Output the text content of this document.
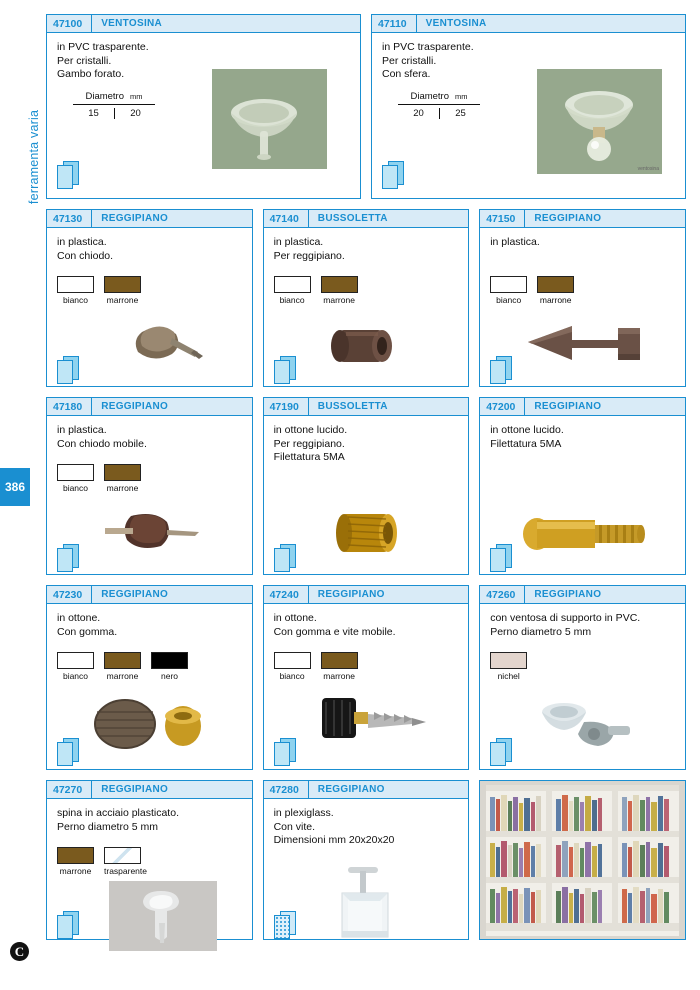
ferramenta varia
386
C
47100 VENTOSINA
in PVC trasparente.
Per cristalli.
Gambo forato.
Diametro mm
15	20
47110 VENTOSINA
in PVC trasparente.
Per cristalli.
Con sfera.
Diametro mm
20	25
ventosina
47130 REGGIPIANO
in plastica.
Con chiodo.
bianco	marrone
47140 BUSSOLETTA
in plastica.
Per reggipiano.
bianco	marrone
47150 REGGIPIANO
in plastica.
bianco	marrone
47180 REGGIPIANO
in plastica.
Con chiodo mobile.
bianco	marrone
47190 BUSSOLETTA
in ottone lucido.
Per reggipiano.
Filettatura 5MA
47200 REGGIPIANO
in ottone lucido.
Filettatura 5MA
47230 REGGIPIANO
in ottone.
Con gomma.
bianco	marrone	nero
47240 REGGIPIANO
in ottone.
Con gomma e vite mobile.
bianco	marrone
47260 REGGIPIANO
con ventosa di supporto in PVC.
Perno diametro 5 mm
nichel
47270 REGGIPIANO
spina in acciaio plasticato.
Perno diametro 5 mm
marrone	trasparente
47280 REGGIPIANO
in plexiglass.
Con vite.
Dimensioni mm 20x20x20
